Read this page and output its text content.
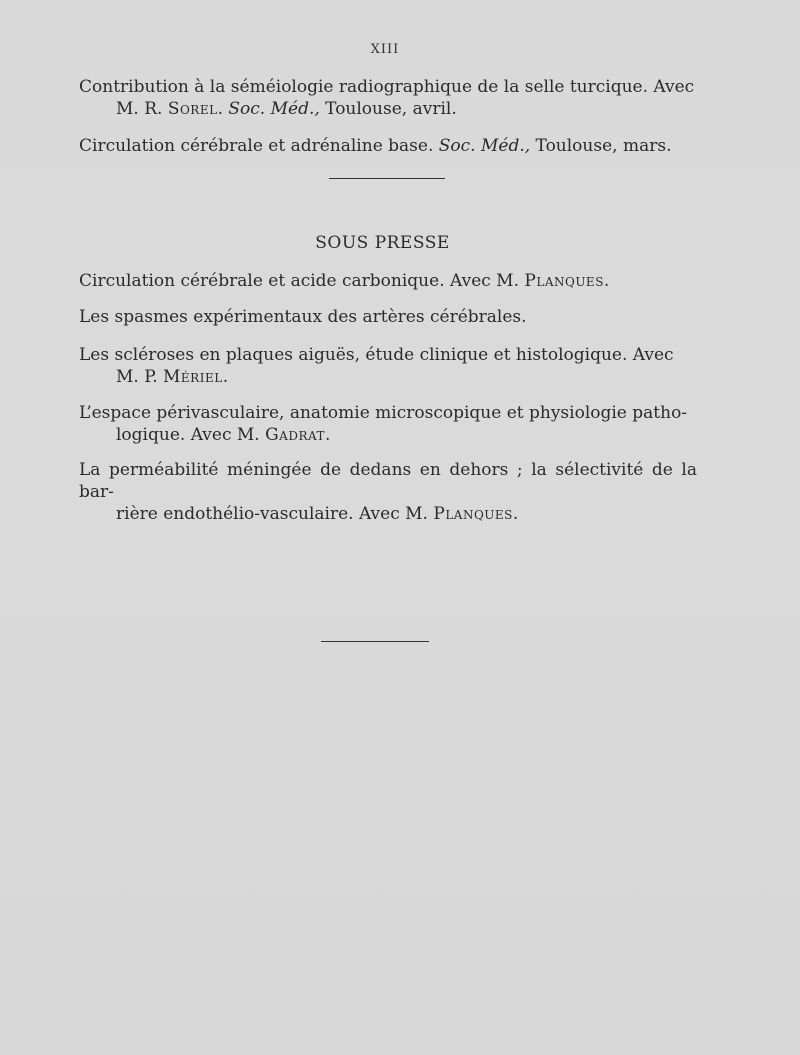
XIII
Contribution à la séméiologie radiographique de la selle turcique. Avec
M. R. Sorel. Soc. Méd., Toulouse, avril.
Circulation cérébrale et adrénaline base. Soc. Méd., Toulouse, mars.
SOUS PRESSE
Circulation cérébrale et acide carbonique. Avec M. Planques.
Les spasmes expérimentaux des artères cérébrales.
Les scléroses en plaques aiguës, étude clinique et histologique. Avec
M. P. Mériel.
L’espace périvasculaire, anatomie microscopique et physiologie patho-
logique. Avec M. Gadrat.
La perméabilité méningée de dedans en dehors ; la sélectivité de la bar-
rière endothélio-vasculaire. Avec M. Planques.
